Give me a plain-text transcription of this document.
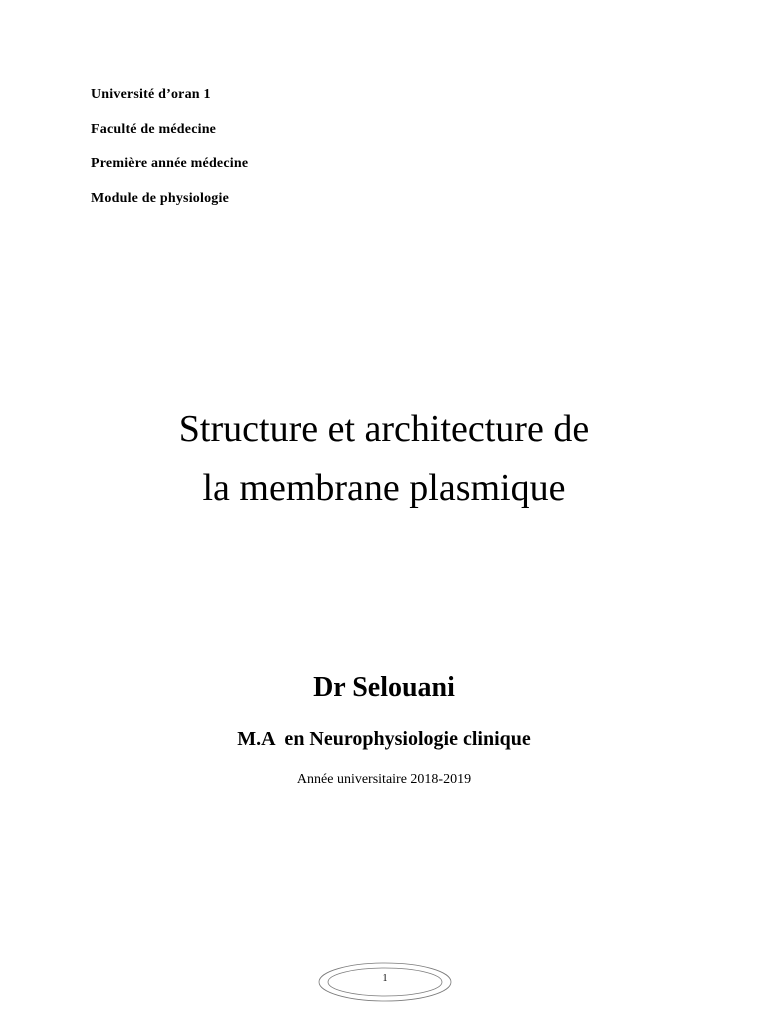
Université d’oran 1
Faculté de médecine
Première année médecine
Module de physiologie
Structure et architecture de
la membrane plasmique
Dr Selouani
M.A  en Neurophysiologie clinique
Année universitaire 2018-2019
1
